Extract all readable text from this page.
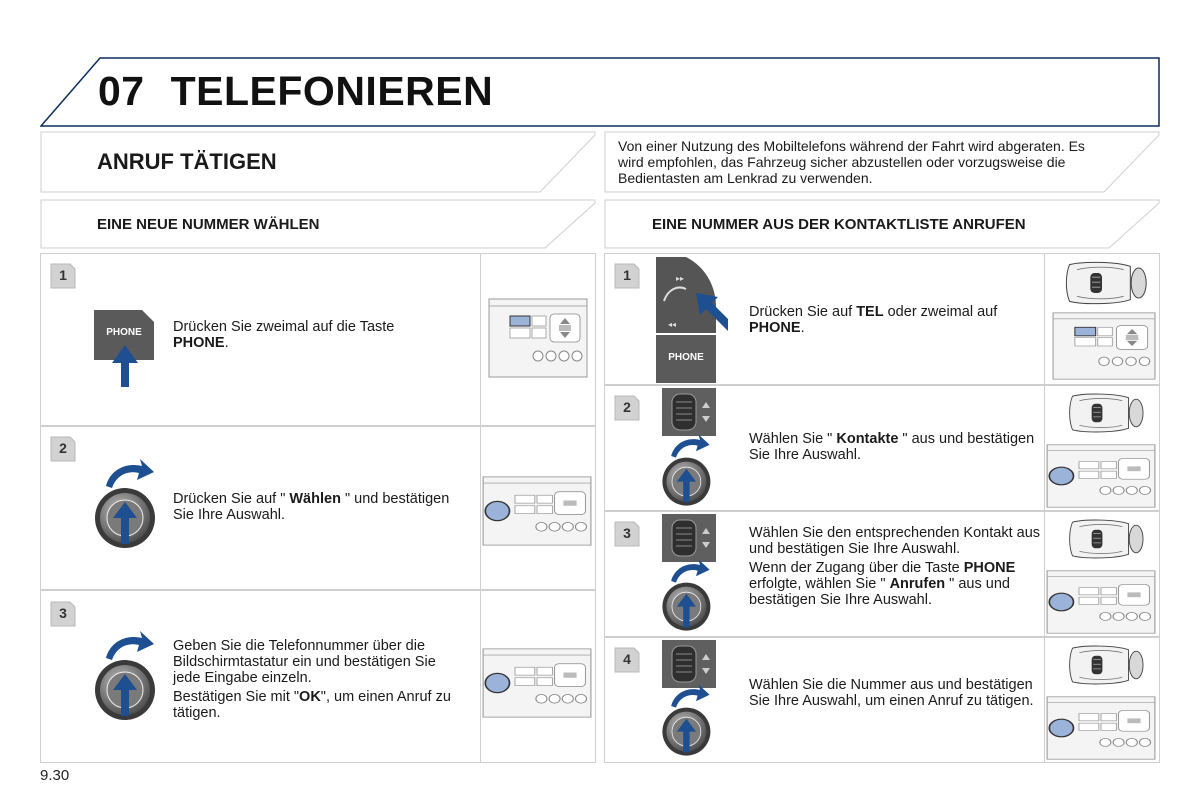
07 TELEFONIEREN
ANRUF TÄTIGEN
Von einer Nutzung des Mobiltelefons während der Fahrt wird abgeraten. Es wird empfohlen, das Fahrzeug sicher abzustellen oder vorzugsweise die Bedientasten am Lenkrad zu verwenden.
EINE NEUE NUMMER WÄHLEN	EINE NUMMER AUS DER KONTAKTLISTE ANRUFEN
1
PHONE	Drücken Sie zweimal auf die Taste PHONE.

2

Drücken Sie auf " Wählen " und bestätigen Sie Ihre Auswahl.

3

Geben Sie die Telefonnummer über die Bildschirmtastatur ein und bestätigen Sie jede Eingabe einzeln.

Bestätigen Sie mit "OK", um einen Anruf zu tätigen.

1	▸▸
◂◂
PHONE

Drücken Sie auf TEL oder zweimal auf PHONE.

2

Wählen Sie " Kontakte " aus und bestätigen Sie Ihre Auswahl.

3	Wählen Sie den entsprechenden Kontakt aus und bestätigen Sie Ihre Auswahl.

Wenn der Zugang über die Taste PHONE erfolgte, wählen Sie " Anrufen " aus und bestätigen Sie Ihre Auswahl.

4

Wählen Sie die Nummer aus und bestätigen Sie Ihre Auswahl, um einen Anruf zu tätigen.

9.30
